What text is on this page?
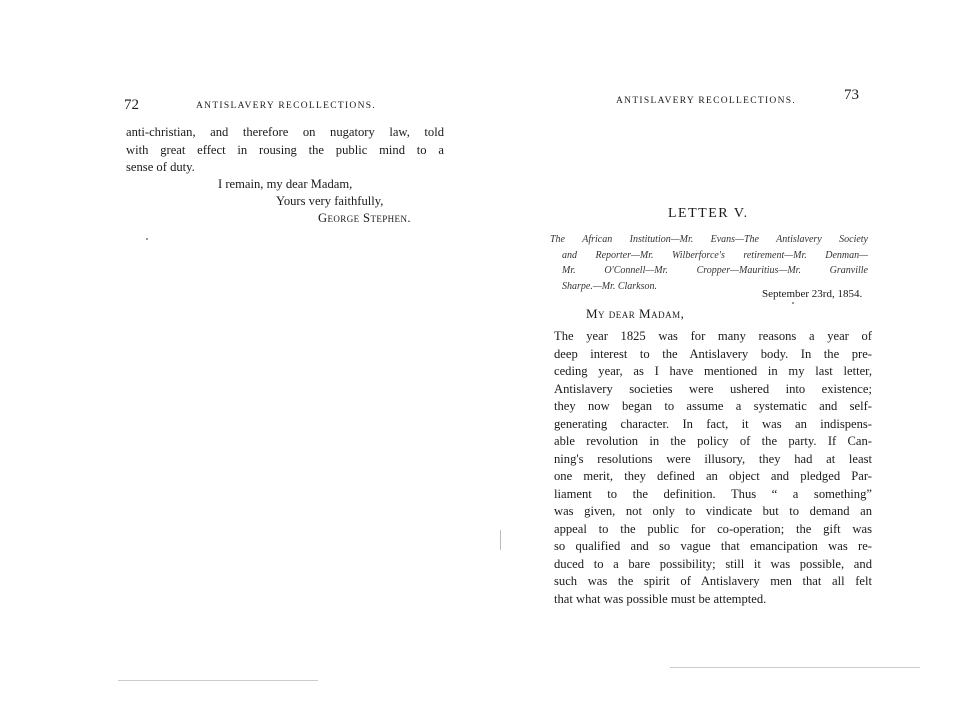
72	ANTISLAVERY RECOLLECTIONS.
anti-christian, and therefore on nugatory law, told
with great effect in rousing the public mind to a
sense of duty.
I remain, my dear Madam,
Yours very faithfully,
George Stephen.
ANTISLAVERY RECOLLECTIONS.	73
LETTER V.
The African Institution—Mr. Evans—The Antislavery Society
and Reporter—Mr. Wilberforce's retirement—Mr. Denman—
Mr. O'Connell—Mr. Cropper—Mauritius—Mr. Granville
Sharpe.—Mr. Clarkson.
September 23rd, 1854.
My dear Madam,
The year 1825 was for many reasons a year of
deep interest to the Antislavery body. In the pre-
ceding year, as I have mentioned in my last letter,
Antislavery societies were ushered into existence;
they now began to assume a systematic and self-
generating character. In fact, it was an indispens-
able revolution in the policy of the party. If Can-
ning's resolutions were illusory, they had at least
one merit, they defined an object and pledged Par-
liament to the definition. Thus “ a something”
was given, not only to vindicate but to demand an
appeal to the public for co-operation; the gift was
so qualified and so vague that emancipation was re-
duced to a bare possibility; still it was possible, and
such was the spirit of Antislavery men that all felt
that what was possible must be attempted.
